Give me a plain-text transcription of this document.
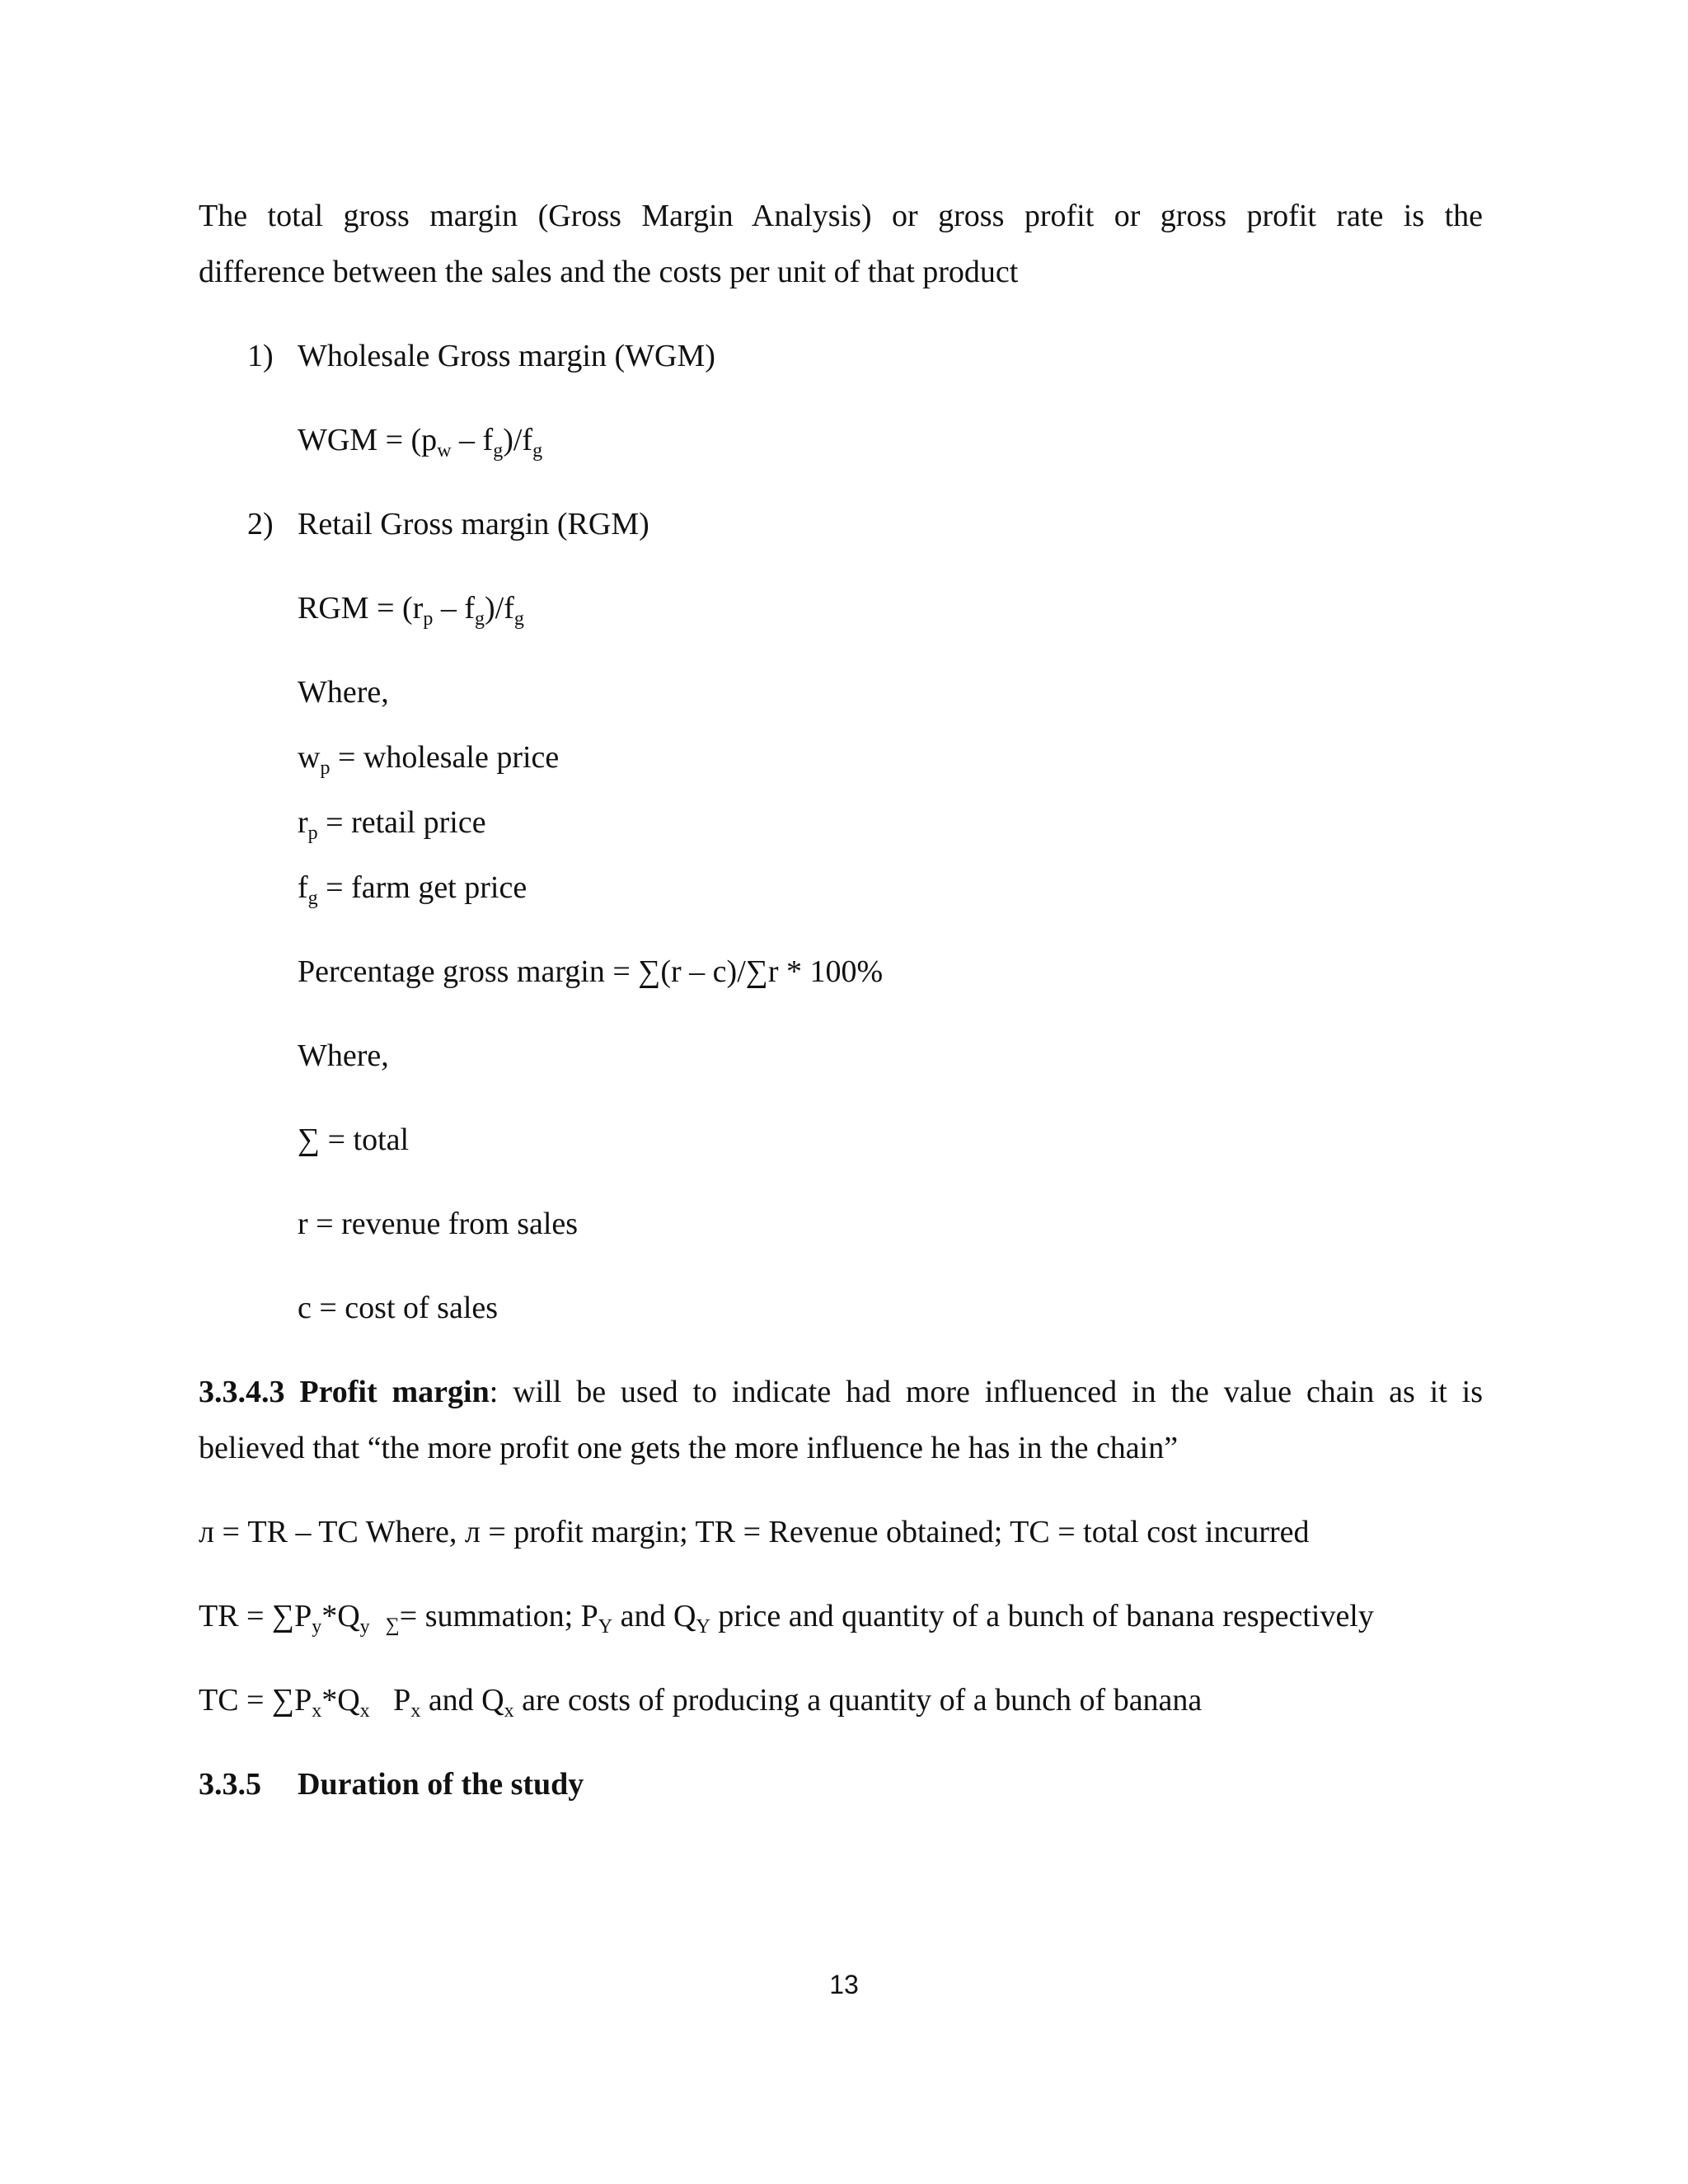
The total gross margin (Gross Margin Analysis) or gross profit or gross profit rate is the
difference between the sales and the costs per unit of that product
1) Wholesale Gross margin (WGM)
WGM = $(p_w - f_g)/f_g$
2) Retail Gross margin (RGM)
RGM = $(r_p - f_g)/f_g$
Where,
$w_p$ = wholesale price
$r_p$ = retail price
$f_g$ = farm get price
Percentage gross margin = ∑(r – c)/∑r * 100%
Where,
∑ = total
r = revenue from sales
c = cost of sales
3.3.4.3 Profit margin: will be used to indicate had more influenced in the value chain as it is
believed that “the more profit one gets the more influence he has in the chain”
л = TR – TC Where, л = profit margin; TR = Revenue obtained; TC = total cost incurred
TR = $\sum P_y*Q_y$ ∑= summation; $P_Y$ and $Q_Y$ price and quantity of a bunch of banana respectively
TC = $\sum P_x*Q_x$ $P_x$ and $Q_x$ are costs of producing a quantity of a bunch of banana
3.3.5 Duration of the study
13
